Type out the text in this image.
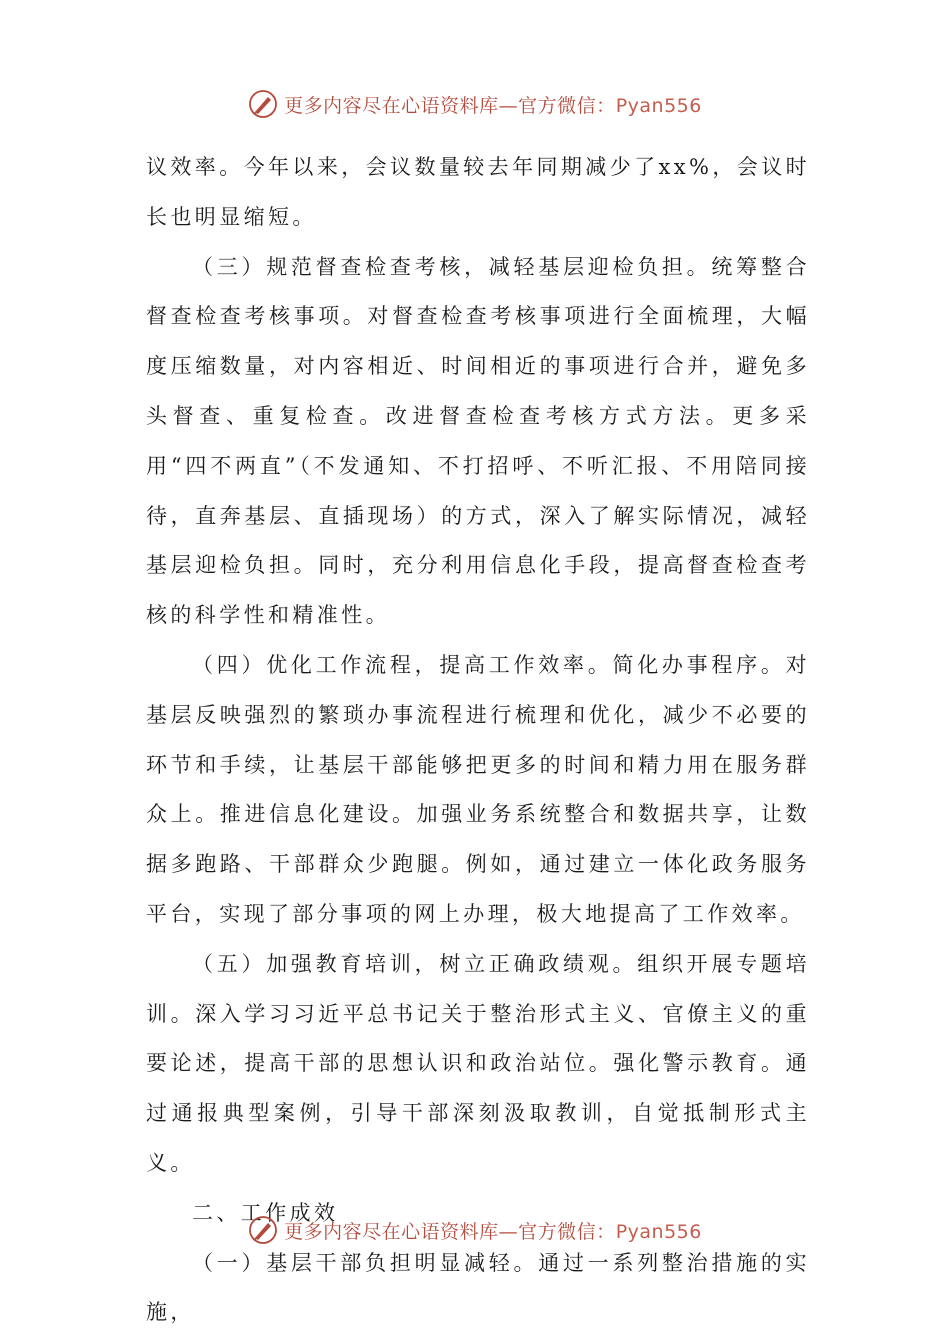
更多内容尽在心语资料库—官方微信：Pyan556

议效率。今年以来，会议数量较去年同期减少了xx%，会议时长也明显缩短。

（三）规范督查检查考核，减轻基层迎检负担。统筹整合督查检查考核事项。对督查检查考核事项进行全面梳理，大幅度压缩数量，对内容相近、时间相近的事项进行合并，避免多头督查、重复检查。改进督查检查考核方式方法。更多采用“四不两直”（不发通知、不打招呼、不听汇报、不用陪同接待，直奔基层、直插现场）的方式，深入了解实际情况，减轻基层迎检负担。同时，充分利用信息化手段，提高督查检查考核的科学性和精准性。

（四）优化工作流程，提高工作效率。简化办事程序。对基层反映强烈的繁琐办事流程进行梳理和优化，减少不必要的环节和手续，让基层干部能够把更多的时间和精力用在服务群众上。推进信息化建设。加强业务系统整合和数据共享，让数据多跑路、干部群众少跑腿。例如，通过建立一体化政务服务平台，实现了部分事项的网上办理，极大地提高了工作效率。

（五）加强教育培训，树立正确政绩观。组织开展专题培训。深入学习习近平总书记关于整治形式主义、官僚主义的重要论述，提高干部的思想认识和政治站位。强化警示教育。通过通报典型案例，引导干部深刻汲取教训，自觉抵制形式主义。

二、工作成效

（一）基层干部负担明显减轻。通过一系列整治措施的实施，

更多内容尽在心语资料库—官方微信：Pyan556
